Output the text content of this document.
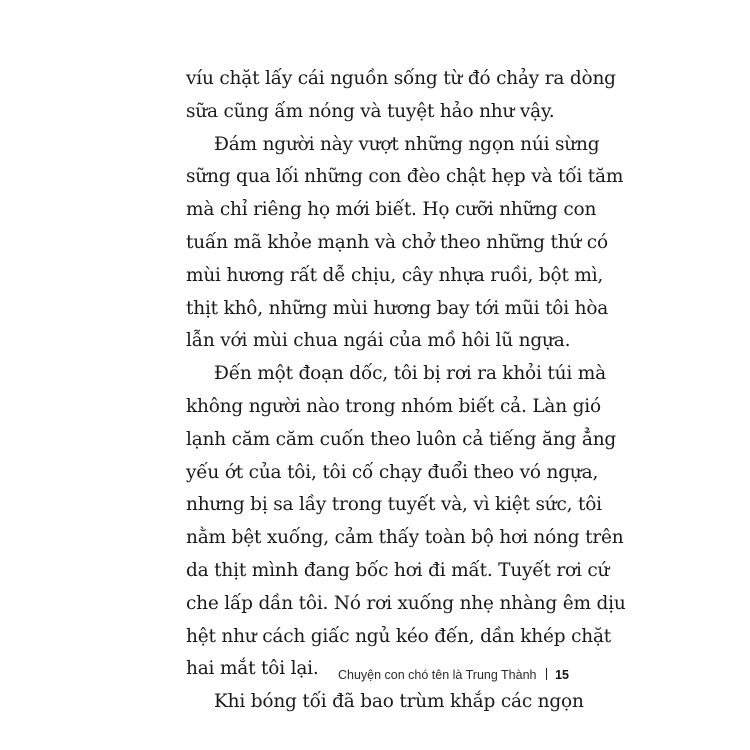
víu chặt lấy cái nguồn sống từ đó chảy ra dòng
sữa cũng ấm nóng và tuyệt hảo như vậy.
Đám người này vượt những ngọn núi sừng
sững qua lối những con đèo chật hẹp và tối tăm
mà chỉ riêng họ mới biết. Họ cưỡi những con
tuấn mã khỏe mạnh và chở theo những thứ có
mùi hương rất dễ chịu, cây nhựa ruồi, bột mì,
thịt khô, những mùi hương bay tới mũi tôi hòa
lẫn với mùi chua ngái của mồ hôi lũ ngựa.
Đến một đoạn dốc, tôi bị rơi ra khỏi túi mà
không người nào trong nhóm biết cả. Làn gió
lạnh căm căm cuốn theo luôn cả tiếng ăng ẳng
yếu ớt của tôi, tôi cố chạy đuổi theo vó ngựa,
nhưng bị sa lầy trong tuyết và, vì kiệt sức, tôi
nằm bệt xuống, cảm thấy toàn bộ hơi nóng trên
da thịt mình đang bốc hơi đi mất. Tuyết rơi cứ
che lấp dần tôi. Nó rơi xuống nhẹ nhàng êm dịu
hệt như cách giấc ngủ kéo đến, dần khép chặt
hai mắt tôi lại.
Khi bóng tối đã bao trùm khắp các ngọn
Chuyện con chó tên là Trung Thành 15
